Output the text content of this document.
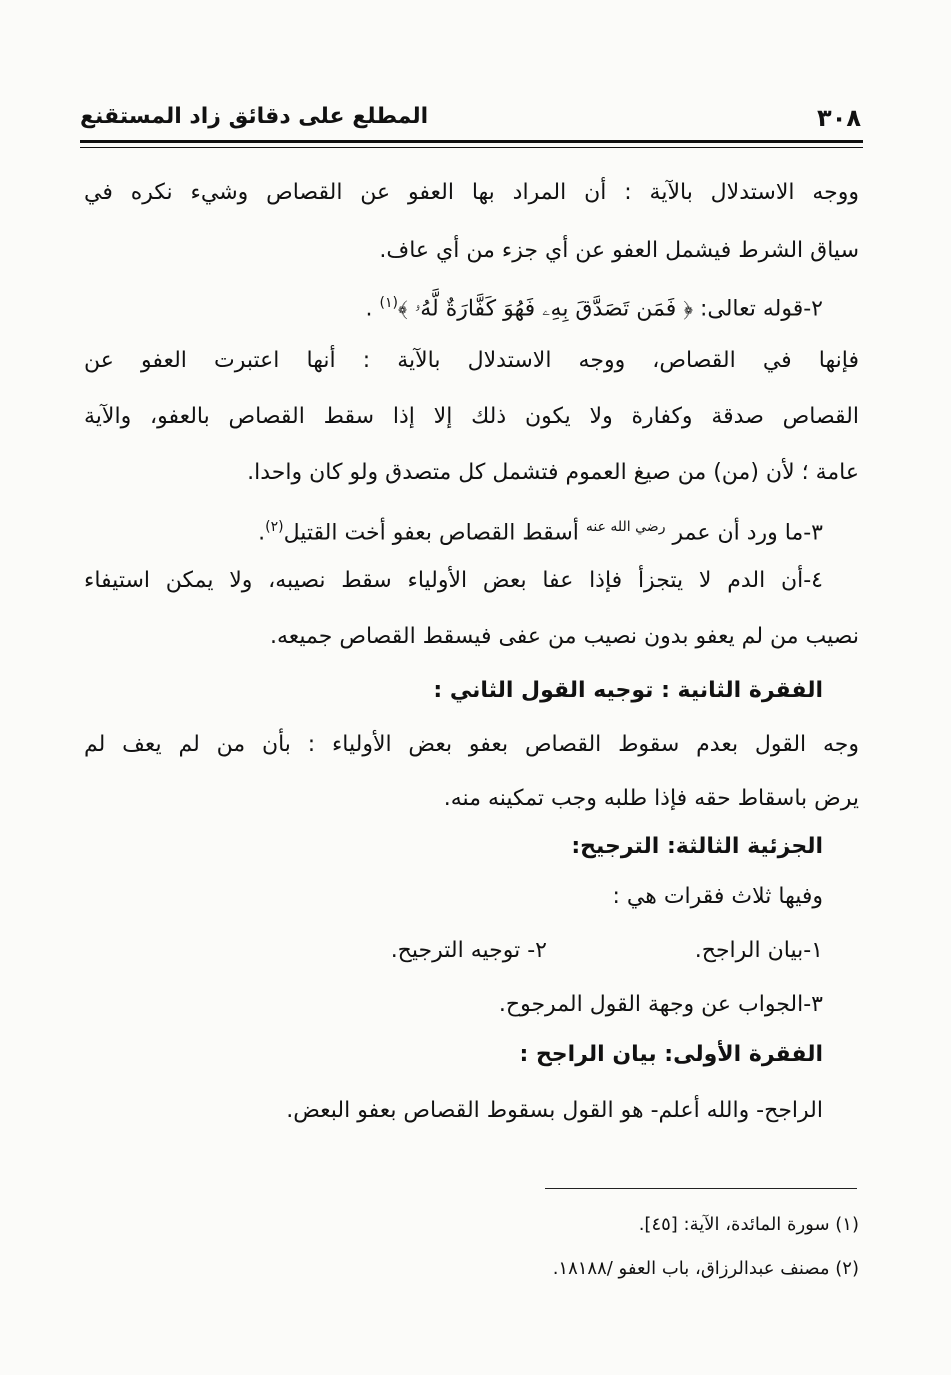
المطلع على دقائق زاد المستقنع	٣٠٨
ووجه الاستدلال بالآية : أن المراد بها العفو عن القصاص وشيء نكره في
سياق الشرط فيشمل العفو عن أي جزء من أي عاف.
٢-قوله تعالى: ﴿ فَمَن تَصَدَّقَ بِهِۦ فَهُوَ كَفَّارَةٌ لَّهُۥ ﴾$^{(١)}$ .
فإنها في القصاص، ووجه الاستدلال بالآية : أنها اعتبرت العفو عن
القصاص صدقة وكفارة ولا يكون ذلك إلا إذا سقط القصاص بالعفو، والآية
عامة ؛ لأن (من) من صيغ العموم فتشمل كل متصدق ولو كان واحدا.
٣-ما ورد أن عمر $^{رضي الله عنه}$ أسقط القصاص بعفو أخت القتيل$^{(٢)}$.
٤-أن الدم لا يتجزأ فإذا عفا بعض الأولياء سقط نصيبه، ولا يمكن استيفاء
نصيب من لم يعفو بدون نصيب من عفى فيسقط القصاص جميعه.
الفقرة الثانية : توجيه القول الثاني :
وجه القول بعدم سقوط القصاص بعفو بعض الأولياء : بأن من لم يعف لم
يرض باسقاط حقه فإذا طلبه وجب تمكينه منه.
الجزئية الثالثة: الترجيح:
وفيها ثلاث فقرات هي :
١-بيان الراجح.
٢- توجيه الترجيح.
٣-الجواب عن وجهة القول المرجوح.
الفقرة الأولى: بيان الراجح :
الراجح- والله أعلم- هو القول بسقوط القصاص بعفو البعض.
(١) سورة المائدة، الآية: [٤٥].
(٢) مصنف عبدالرزاق، باب العفو /١٨١٨٨.
